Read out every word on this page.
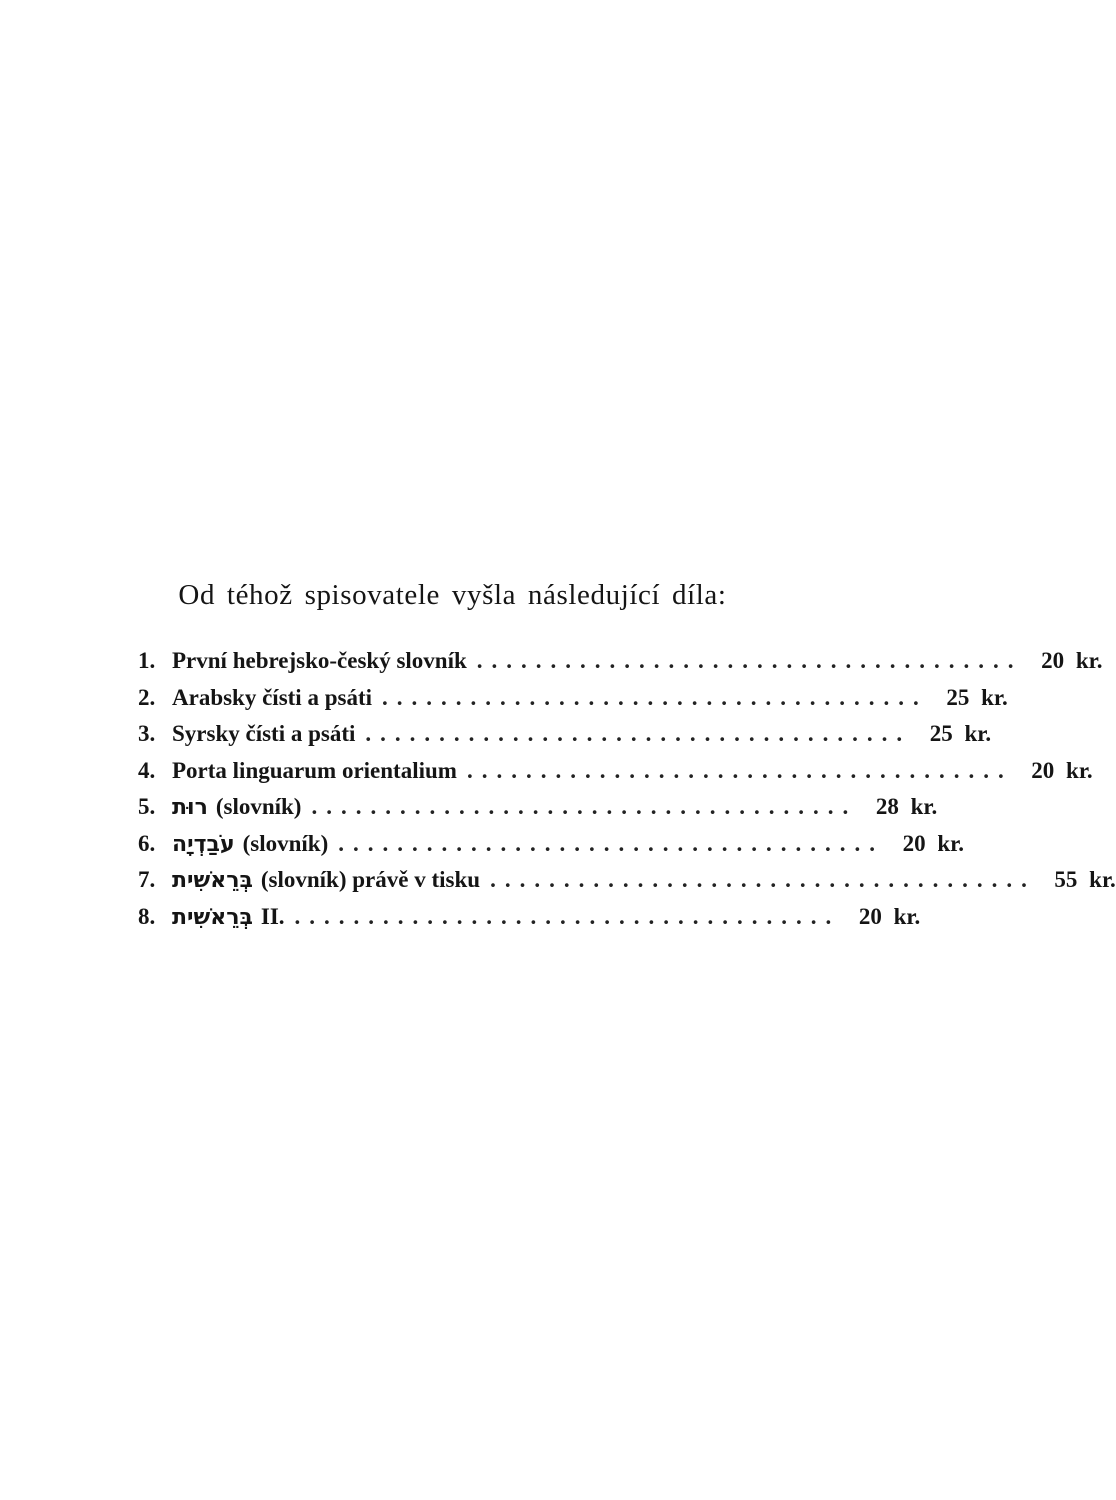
Od téhož spisovatele vyšla následující díla:
1. První hebrejsko-český slovník ..................................... 20 kr.
2. Arabsky čísti a psáti ..................................... 25 kr.
3. Syrsky čísti a psáti ..................................... 25 kr.
4. Porta linguarum orientalium ..................................... 20 kr.
5. רוּת (slovník) ..................................... 28 kr.
6. עֹבַדְיָה (slovník) ..................................... 20 kr.
7. בְּרֵאשִׁית (slovník) právě v tisku ..................................... 55 kr.
8. בְּרֵאשִׁית II. ..................................... 20 kr.
